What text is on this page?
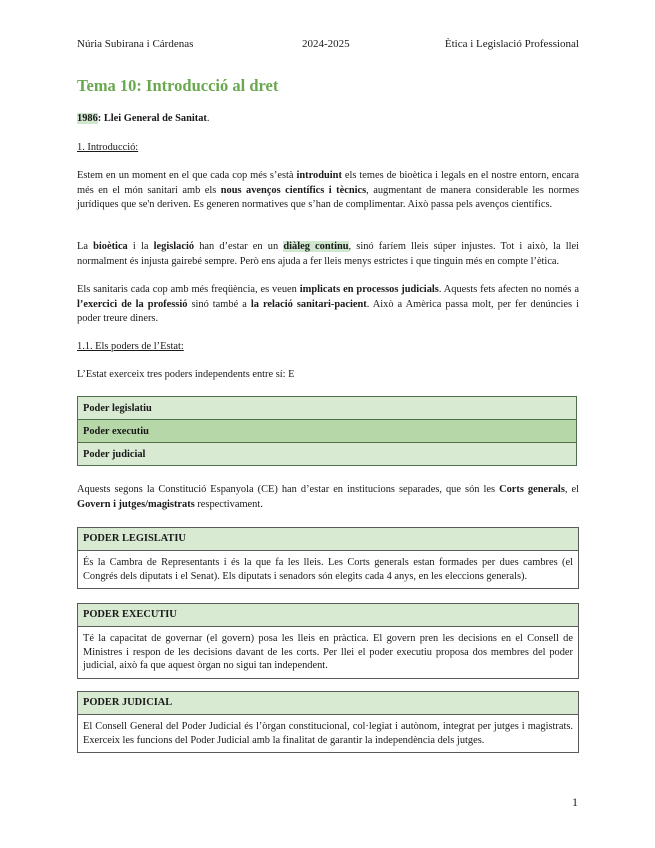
Núria Subirana i Cárdenas	2024-2025	Ètica i Legislació Professional
Tema 10: Introducció al dret
1986: Llei General de Sanitat.
1. Introducció:
Estem en un moment en el que cada cop més s’està introduint els temes de bioètica i legals en el nostre entorn, encara més en el món sanitari amb els nous avenços científics i tècnics, augmentant de manera considerable les normes jurídiques que se'n deriven. Es generen normatives que s’han de complimentar. Això passa pels avenços científics.
La bioètica i la legislació han d’estar en un diàleg continu, sinó faríem lleis súper injustes. Tot i això, la llei normalment és injusta gairebé sempre. Però ens ajuda a fer lleis menys estrictes i que tinguin més en compte l’ètica.
Els sanitaris cada cop amb més freqüència, es veuen implicats en processos judicials. Aquests fets afecten no només a l’exercici de la professió sinó també a la relació sanitari-pacient. Això a Amèrica passa molt, per fer denúncies i poder treure diners.
1.1. Els poders de l’Estat:
L’Estat exerceix tres poders independents entre sí: E
Poder legislatiu
Poder executiu
Poder judicial
Aquests segons la Constitució Espanyola (CE) han d’estar en institucions separades, que són les Corts generals, el Govern i jutges/magistrats respectivament.
PODER LEGISLATIU
És la Cambra de Representants i és la que fa les lleis. Les Corts generals estan formades per dues cambres (el Congrés dels diputats i el Senat). Els diputats i senadors són elegits cada 4 anys, en les eleccions generals).
PODER EXECUTIU
Té la capacitat de governar (el govern) posa les lleis en pràctica. El govern pren les decisions en el Consell de Ministres i respon de les decisions davant de les corts. Per llei el poder executiu proposa dos membres del poder judicial, això fa que aquest òrgan no sigui tan independent.
PODER JUDICIAL
El Consell General del Poder Judicial és l’òrgan constitucional, col·legiat i autònom, integrat per jutges i magistrats. Exerceix les funcions del Poder Judicial amb la finalitat de garantir la independència dels jutges.
1
